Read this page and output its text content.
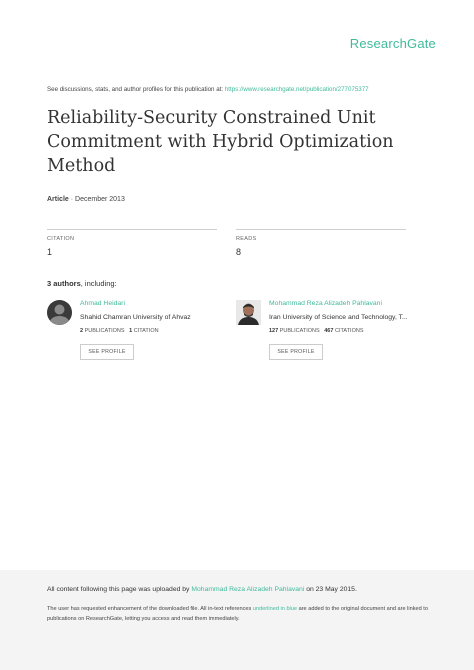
ResearchGate
See discussions, stats, and author profiles for this publication at: https://www.researchgate.net/publication/277075377
Reliability-Security Constrained Unit
Commitment with Hybrid Optimization
Method
Article · December 2013
CITATION
1
READS
8
3 authors, including:
Ahmad Heidari
Shahid Chamran University of Ahvaz
2 PUBLICATIONS 1 CITATION
SEE PROFILE
Mohammad Reza Alizadeh Pahlavani
Iran University of Science and Technology, T...
127 PUBLICATIONS 467 CITATIONS
SEE PROFILE
All content following this page was uploaded by Mohammad Reza Alizadeh Pahlavani on 23 May 2015.
The user has requested enhancement of the downloaded file. All in-text references underlined in blue are added to the original document and are linked to publications on ResearchGate, letting you access and read them immediately.
